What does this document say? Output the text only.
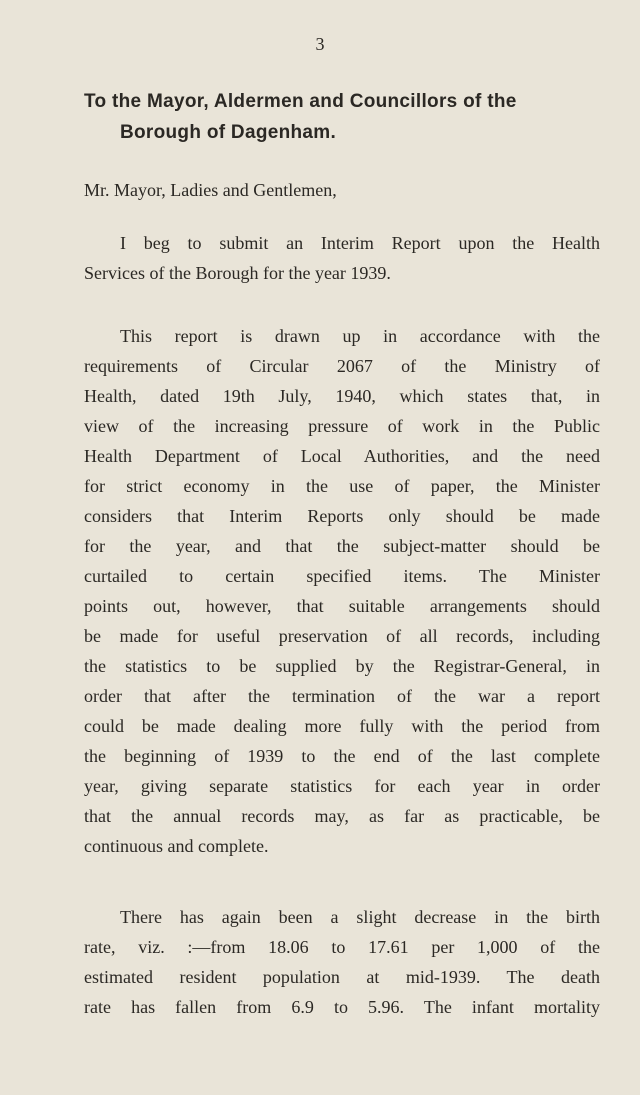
3
To the Mayor, Aldermen and Councillors of the
Borough of Dagenham.
Mr. Mayor, Ladies and Gentlemen,
I beg to submit an Interim Report upon the Health
Services of the Borough for the year 1939.
This report is drawn up in accordance with the
requirements of Circular 2067 of the Ministry of
Health, dated 19th July, 1940, which states that, in
view of the increasing pressure of work in the Public
Health Department of Local Authorities, and the need
for strict economy in the use of paper, the Minister
considers that Interim Reports only should be made
for the year, and that the subject-matter should be
curtailed to certain specified items. The Minister
points out, however, that suitable arrangements should
be made for useful preservation of all records, including
the statistics to be supplied by the Registrar-General, in
order that after the termination of the war a report
could be made dealing more fully with the period from
the beginning of 1939 to the end of the last complete
year, giving separate statistics for each year in order
that the annual records may, as far as practicable, be
continuous and complete.
There has again been a slight decrease in the birth
rate, viz. :—from 18.06 to 17.61 per 1,000 of the
estimated resident population at mid-1939. The death
rate has fallen from 6.9 to 5.96. The infant mortality
